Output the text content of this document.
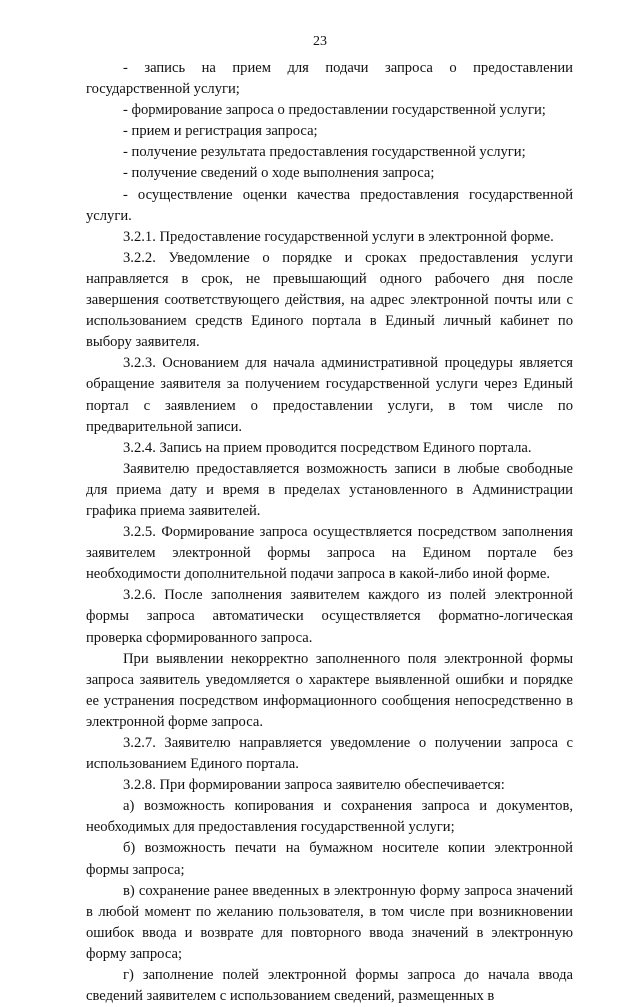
23

- запись на прием для подачи запроса о предоставлении государственной услуги;

- формирование запроса о предоставлении государственной услуги;

- прием и регистрация запроса;

- получение результата предоставления государственной услуги;

- получение сведений о ходе выполнения запроса;

- осуществление оценки качества предоставления государственной услуги.

3.2.1. Предоставление государственной услуги в электронной форме.

3.2.2. Уведомление о порядке и сроках предоставления услуги направляется в срок, не превышающий одного рабочего дня после завершения соответствующего действия, на адрес электронной почты или с использованием средств Единого портала в Единый личный кабинет по выбору заявителя.

3.2.3. Основанием для начала административной процедуры является обращение заявителя за получением государственной услуги через Единый портал с заявлением о предоставлении услуги, в том числе по предварительной записи.

3.2.4. Запись на прием проводится посредством Единого портала.

Заявителю предоставляется возможность записи в любые свободные для приема дату и время в пределах установленного в Администрации графика приема заявителей.

3.2.5. Формирование запроса осуществляется посредством заполнения заявителем электронной формы запроса на Едином портале без необходимости дополнительной подачи запроса в какой-либо иной форме.

3.2.6. После заполнения заявителем каждого из полей электронной формы запроса автоматически осуществляется форматно-логическая проверка сформированного запроса.

При выявлении некорректно заполненного поля электронной формы запроса заявитель уведомляется о характере выявленной ошибки и порядке ее устранения посредством информационного сообщения непосредственно в электронной форме запроса.

3.2.7. Заявителю направляется уведомление о получении запроса с использованием Единого портала.

3.2.8. При формировании запроса заявителю обеспечивается:

а) возможность копирования и сохранения запроса и документов, необходимых для предоставления государственной услуги;

б) возможность печати на бумажном носителе копии электронной формы запроса;

в) сохранение ранее введенных в электронную форму запроса значений в любой момент по желанию пользователя, в том числе при возникновении ошибок ввода и возврате для повторного ввода значений в электронную форму запроса;

г) заполнение полей электронной формы запроса до начала ввода сведений заявителем с использованием сведений, размещенных в
